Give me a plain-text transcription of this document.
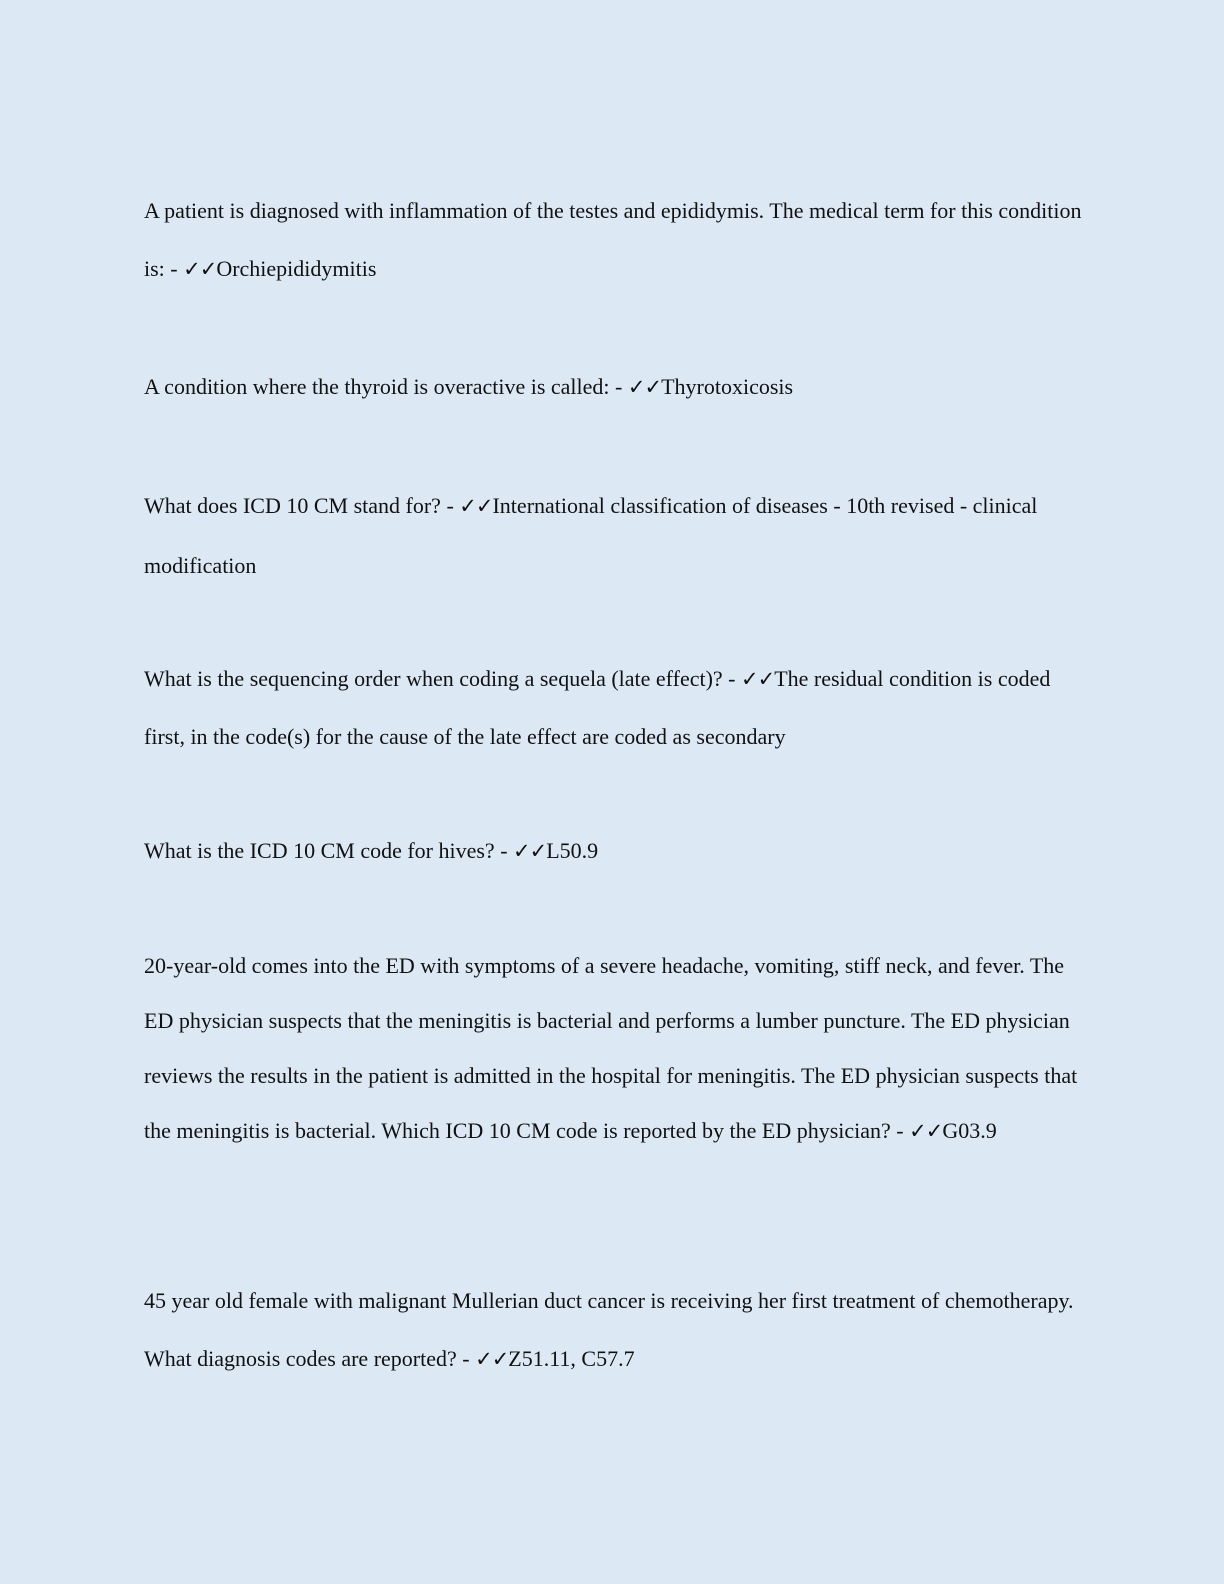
A patient is diagnosed with inflammation of the testes and epididymis. The medical term for this condition is: - ✓✓Orchiepididymitis

A condition where the thyroid is overactive is called: - ✓✓Thyrotoxicosis

What does ICD 10 CM stand for? - ✓✓International classification of diseases - 10th revised - clinical modification

What is the sequencing order when coding a sequela (late effect)? - ✓✓The residual condition is coded first, in the code(s) for the cause of the late effect are coded as secondary

What is the ICD 10 CM code for hives? - ✓✓L50.9

20-year-old comes into the ED with symptoms of a severe headache, vomiting, stiff neck, and fever. The ED physician suspects that the meningitis is bacterial and performs a lumber puncture. The ED physician reviews the results in the patient is admitted in the hospital for meningitis. The ED physician suspects that the meningitis is bacterial. Which ICD 10 CM code is reported by the ED physician? - ✓✓G03.9

45 year old female with malignant Mullerian duct cancer is receiving her first treatment of chemotherapy. What diagnosis codes are reported? - ✓✓Z51.11, C57.7
